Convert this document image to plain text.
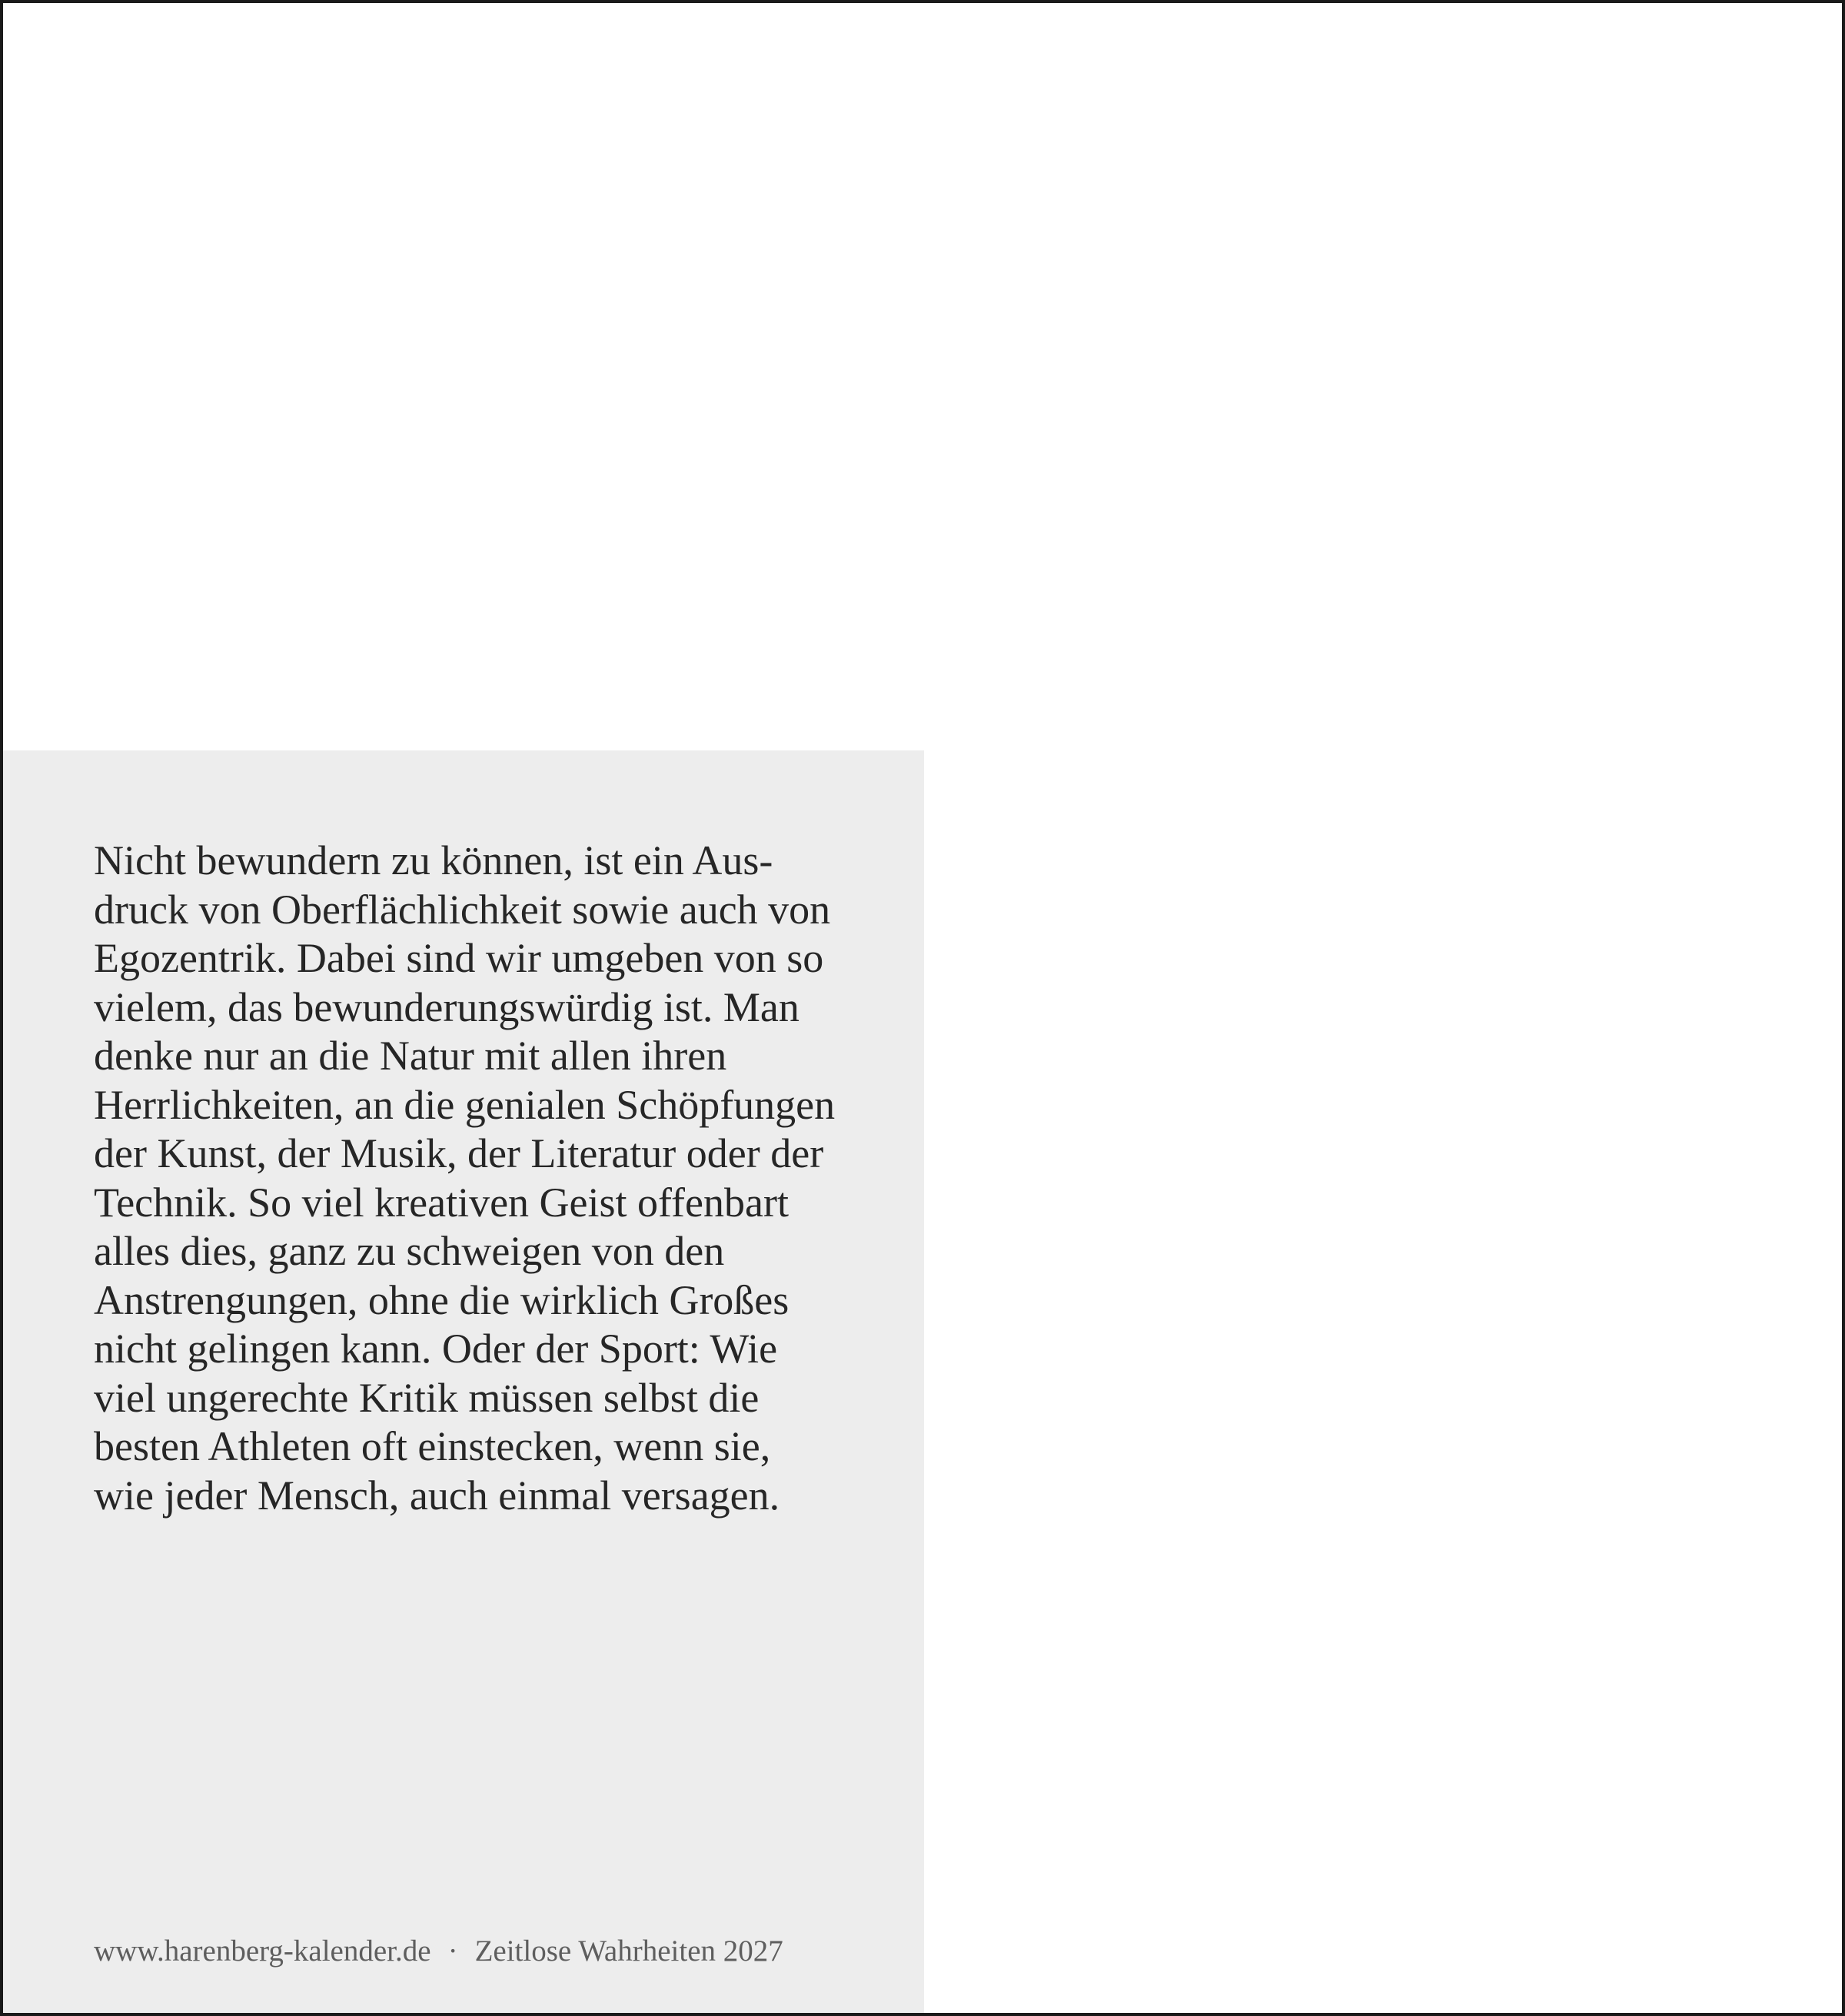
Nicht bewundern zu können, ist ein Aus-
druck von Oberflächlichkeit sowie auch von
Egozentrik. Dabei sind wir umgeben von so
vielem, das bewunderungswürdig ist. Man
denke nur an die Natur mit allen ihren
Herrlichkeiten, an die genialen Schöpfungen
der Kunst, der Musik, der Literatur oder der
Technik. So viel kreativen Geist offenbart
alles dies, ganz zu schweigen von den
Anstrengungen, ohne die wirklich Großes
nicht gelingen kann. Oder der Sport: Wie
viel ungerechte Kritik müssen selbst die
besten Athleten oft einstecken, wenn sie,
wie jeder Mensch, auch einmal versagen.

www.harenberg-kalender.de · Zeitlose Wahrheiten 2027
